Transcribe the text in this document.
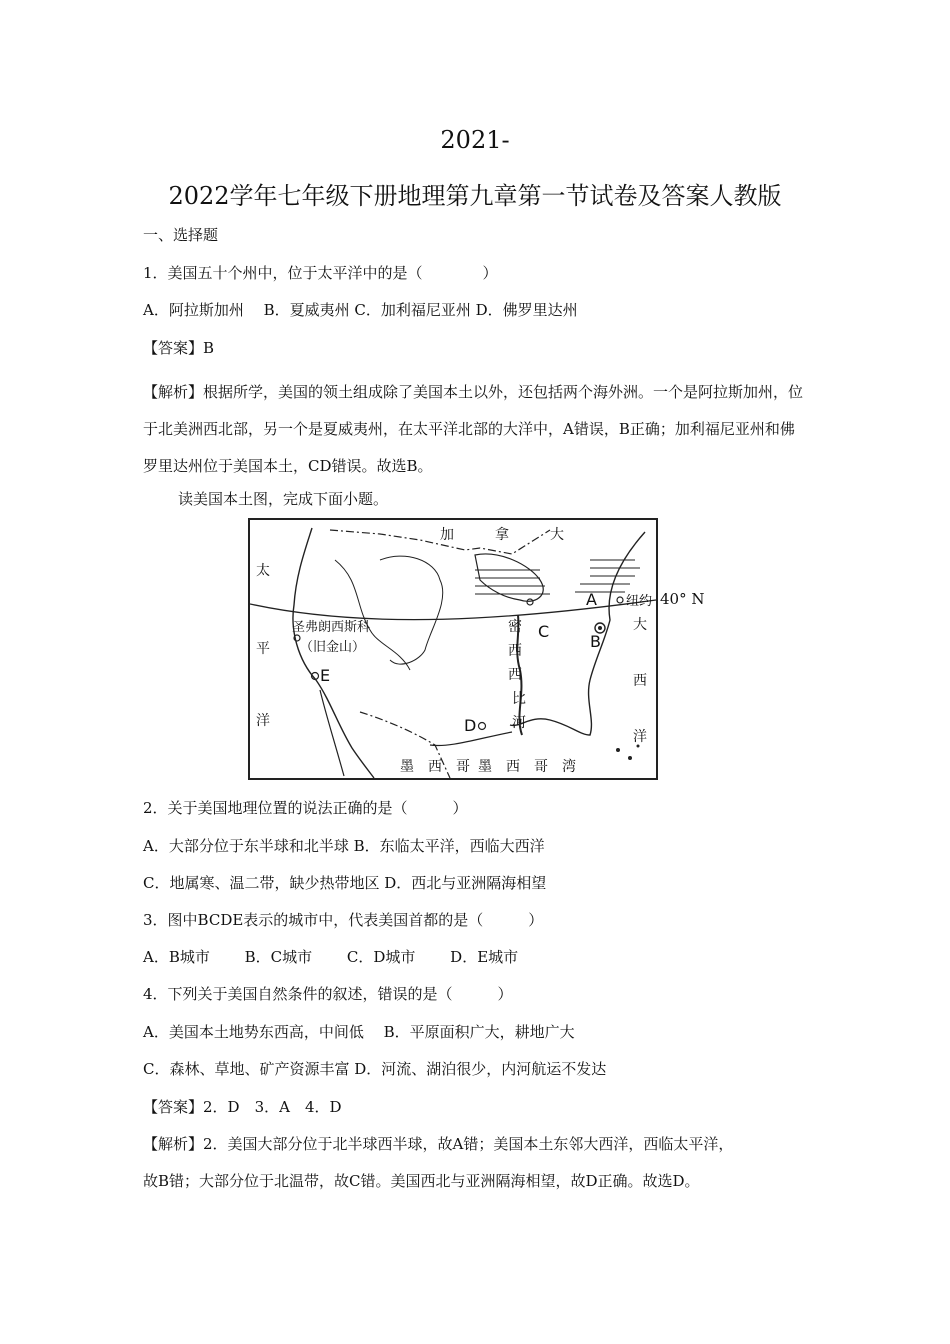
2021-
2022学年七年级下册地理第九章第一节试卷及答案人教版
一、选择题
1．美国五十个州中，位于太平洋中的是（　　　　）
A．阿拉斯加州　 B．夏威夷州 C．加利福尼亚州 D．佛罗里达州
【答案】B
【解析】根据所学，美国的领土组成除了美国本土以外，还包括两个海外洲。一个是阿拉斯加州，位于北美洲西北部，另一个是夏威夷州，在太平洋北部的大洋中，A错误，B正确；加利福尼亚州和佛罗里达州位于美国本土，CD错误。故选B。
读美国本土图，完成下面小题。
加	拿	大
太
平
洋
大
西
洋
密
西
西
比
河
圣弗朗西斯科
（旧金山）
纽约
A
B
C
D
E
墨　西　哥 墨　西　哥　湾
40° N
2．关于美国地理位置的说法正确的是（　　　）
A．大部分位于东半球和北半球 B．东临太平洋，西临大西洋
C．地属寒、温二带，缺少热带地区 D．西北与亚洲隔海相望
3．图中BCDE表示的城市中，代表美国首都的是（　　　）
A．B城市　　 B．C城市　　 C．D城市　　 D．E城市
4．下列关于美国自然条件的叙述，错误的是（　　　）
A．美国本土地势东西高，中间低　 B．平原面积广大，耕地广大
C．森林、草地、矿产资源丰富 D．河流、湖泊很少，内河航运不发达
【答案】2．D　3．A　4．D
【解析】2．美国大部分位于北半球西半球，故A错；美国本土东邻大西洋，西临太平洋，
故B错；大部分位于北温带，故C错。美国西北与亚洲隔海相望，故D正确。故选D。
